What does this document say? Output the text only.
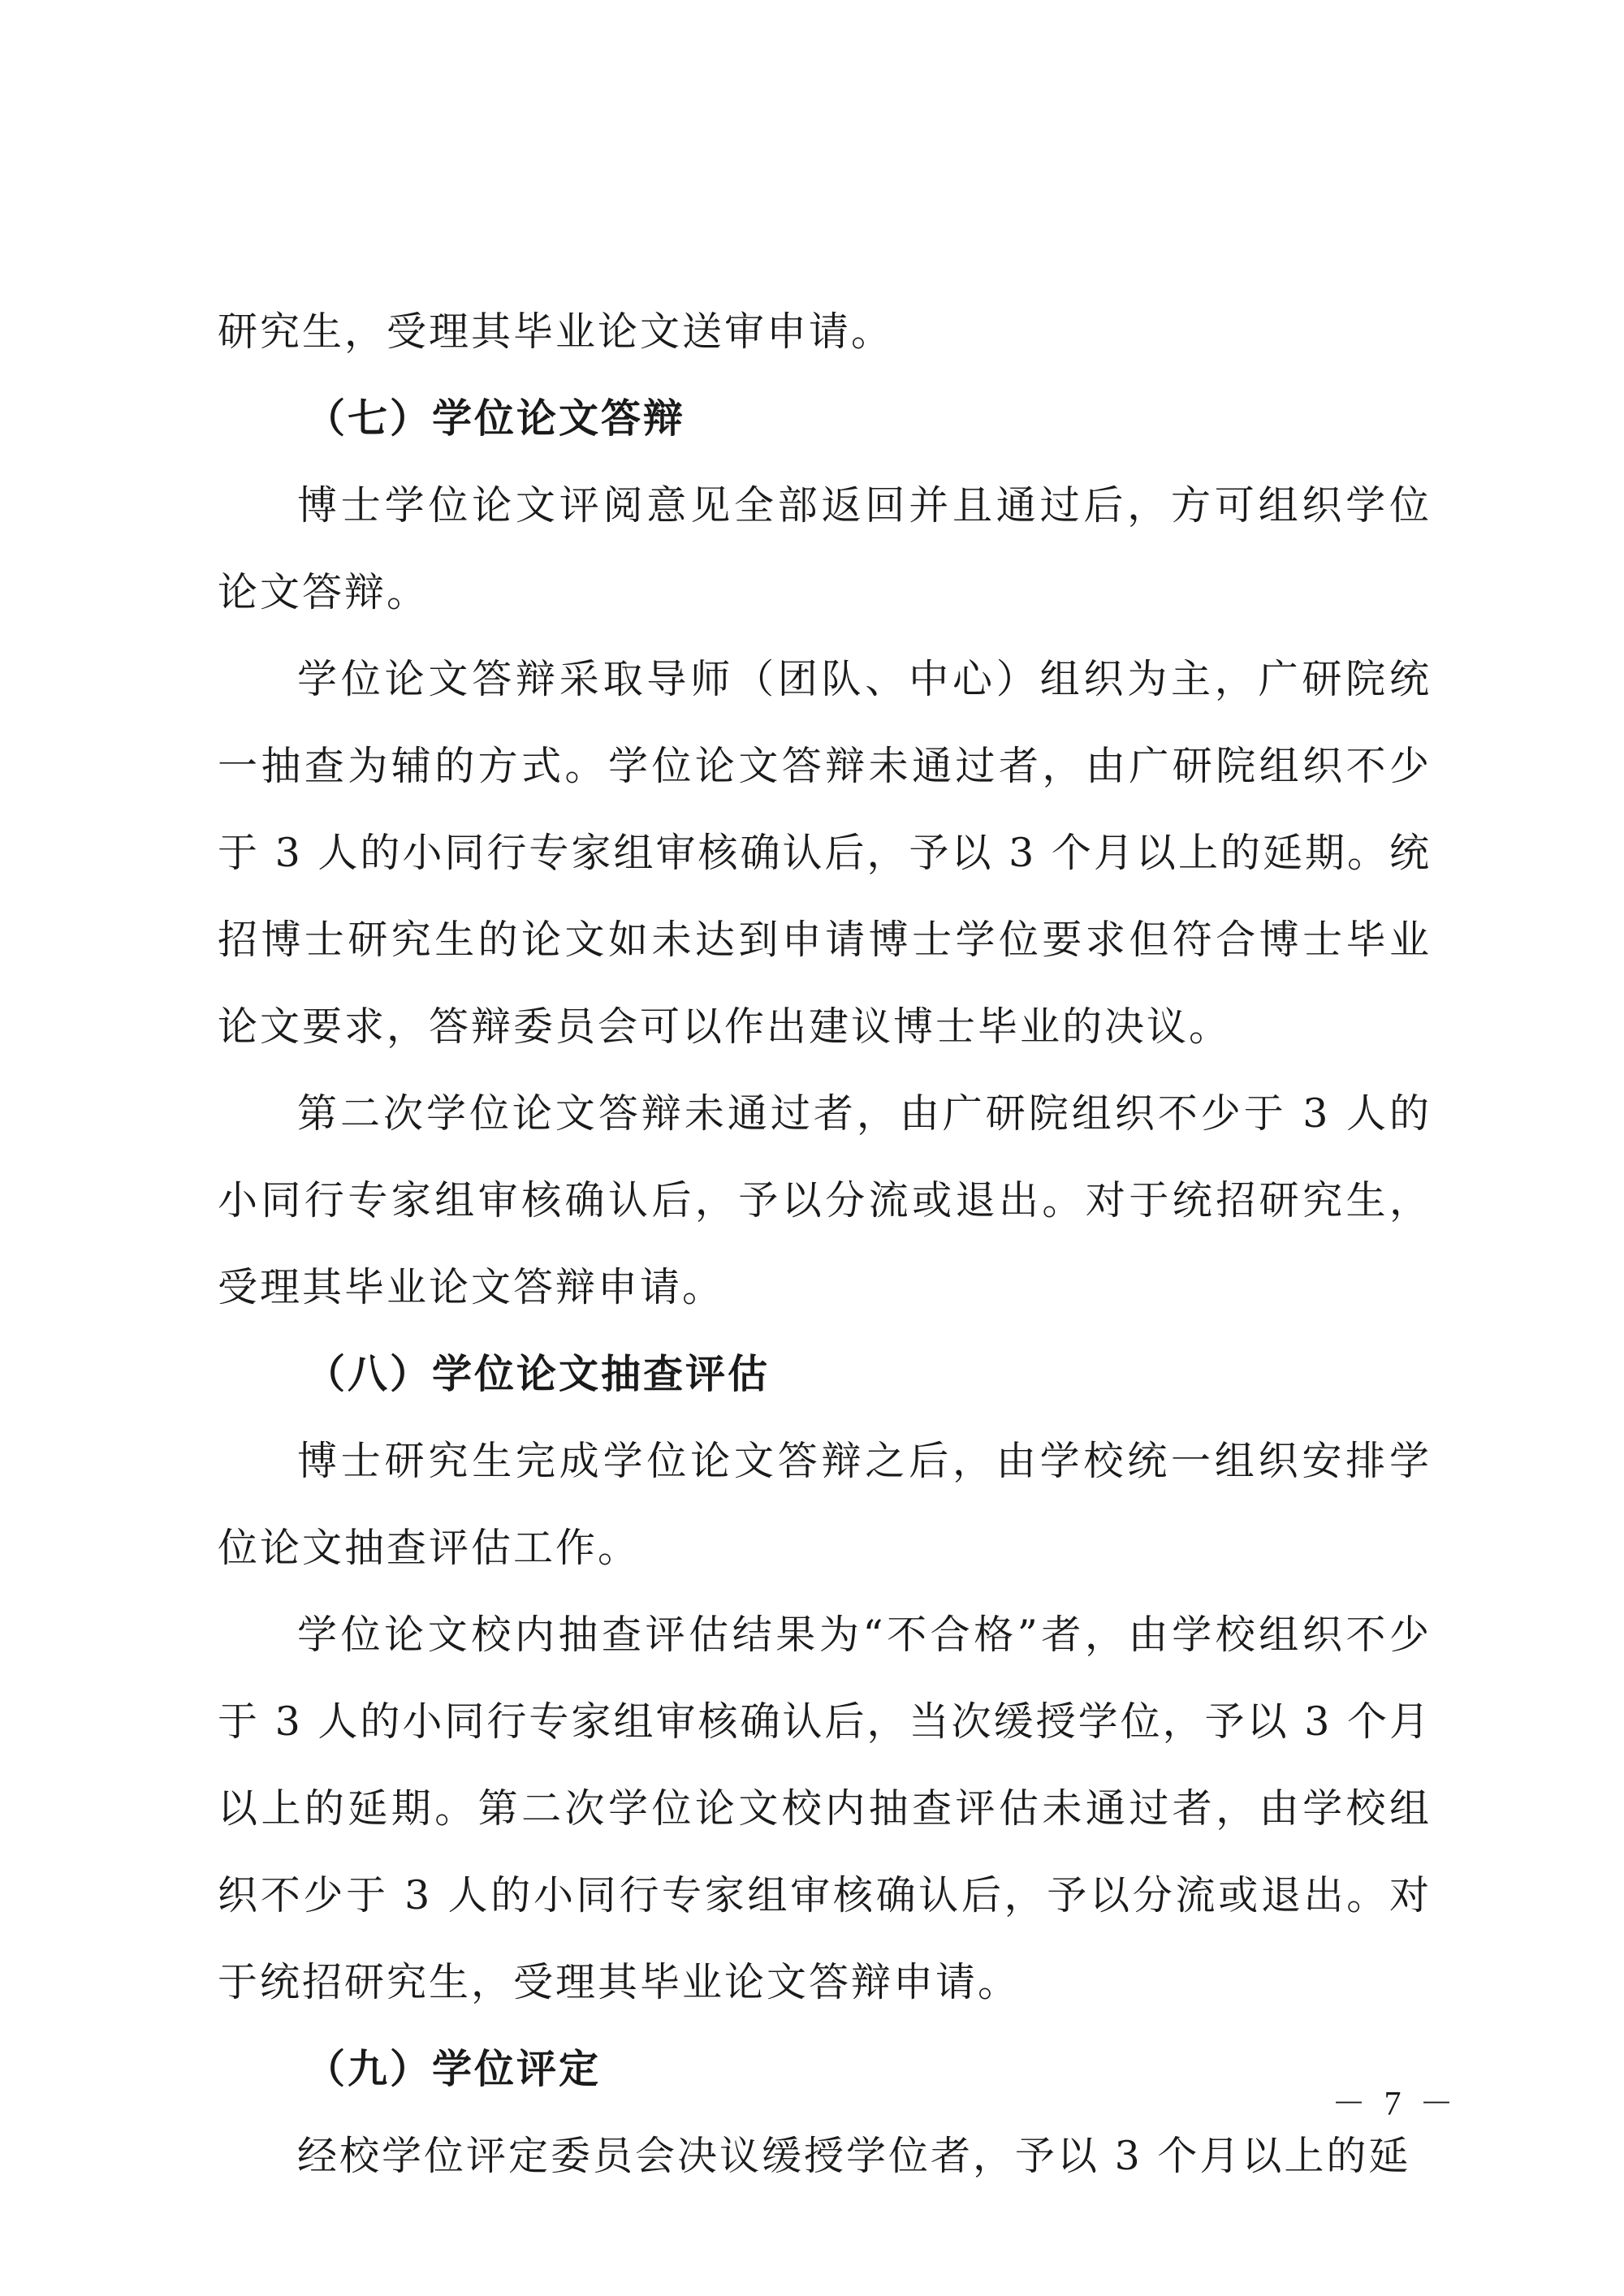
研究生，受理其毕业论文送审申请。

（七）学位论文答辩

博士学位论文评阅意见全部返回并且通过后，方可组织学位论文答辩。

学位论文答辩采取导师（团队、中心）组织为主，广研院统一抽查为辅的方式。学位论文答辩未通过者，由广研院组织不少于 3 人的小同行专家组审核确认后，予以 3 个月以上的延期。统招博士研究生的论文如未达到申请博士学位要求但符合博士毕业论文要求，答辩委员会可以作出建议博士毕业的决议。

第二次学位论文答辩未通过者，由广研院组织不少于 3 人的小同行专家组审核确认后，予以分流或退出。对于统招研究生，受理其毕业论文答辩申请。

（八）学位论文抽查评估

博士研究生完成学位论文答辩之后，由学校统一组织安排学位论文抽查评估工作。

学位论文校内抽查评估结果为“不合格”者，由学校组织不少于 3 人的小同行专家组审核确认后，当次缓授学位，予以 3 个月以上的延期。第二次学位论文校内抽查评估未通过者，由学校组织不少于 3 人的小同行专家组审核确认后，予以分流或退出。对于统招研究生，受理其毕业论文答辩申请。

（九）学位评定

经校学位评定委员会决议缓授学位者，予以 3 个月以上的延

－ 7 －
